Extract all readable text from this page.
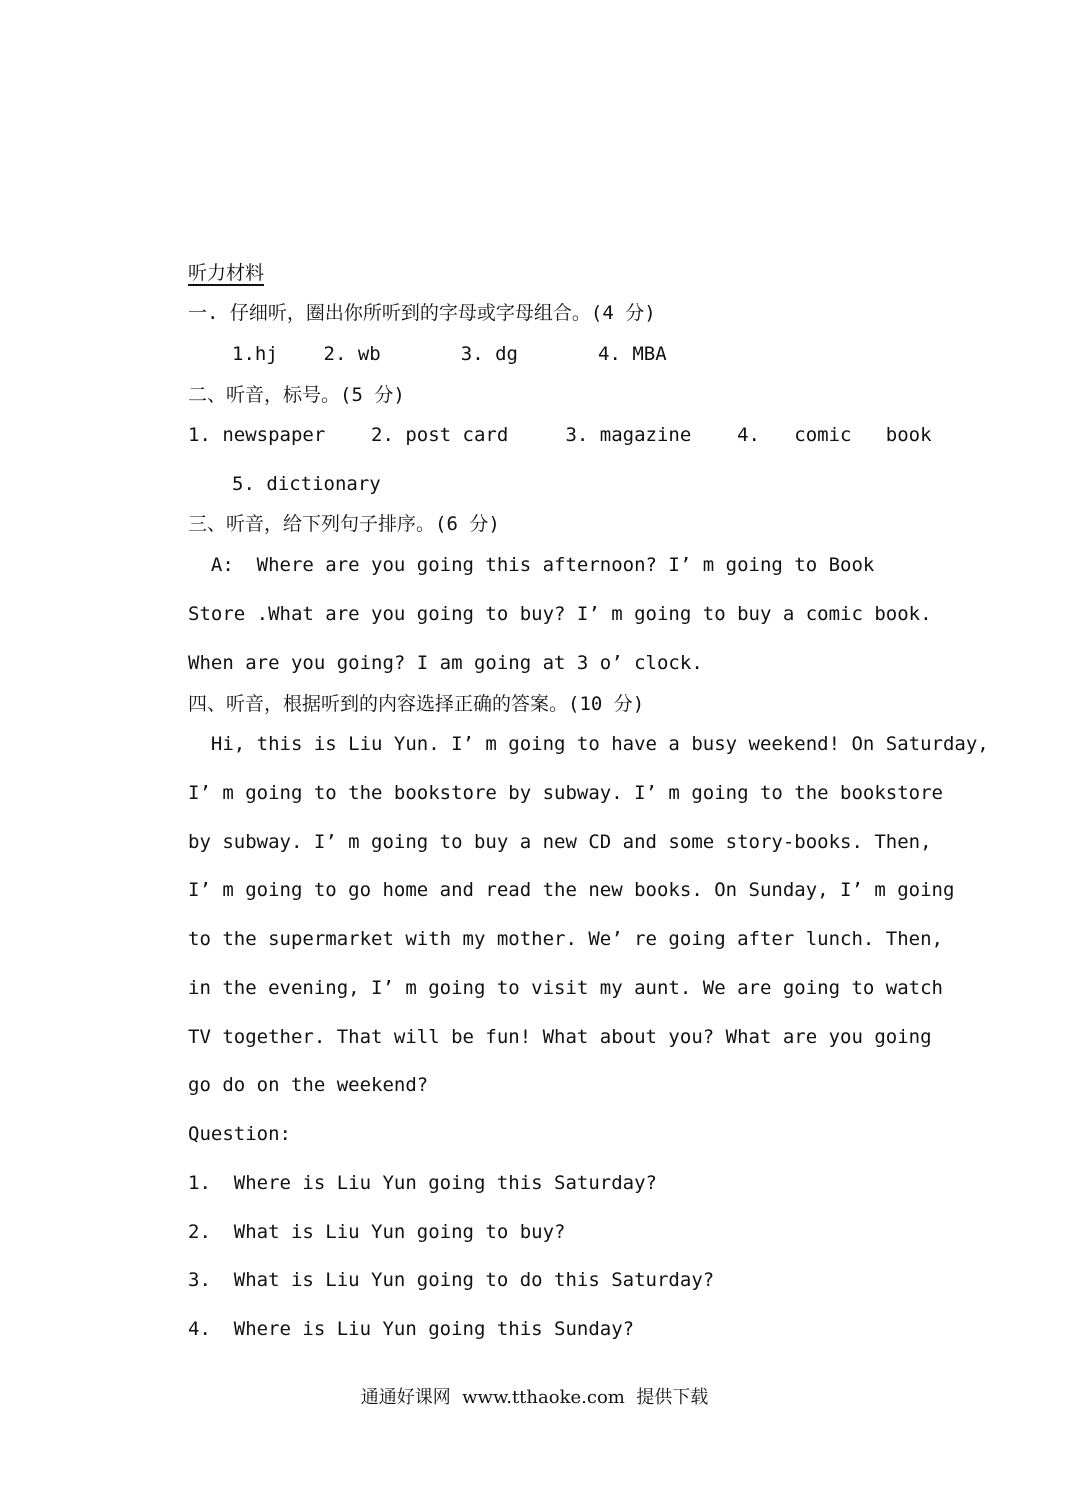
听力材料
一. 仔细听，圈出你所听到的字母或字母组合。(4 分)
1.hj    2. wb       3. dg       4. MBA
二、听音，标号。(5 分)
1. newspaper    2. post card     3. magazine    4.   comic   book
5. dictionary
三、听音，给下列句子排序。(6 分)
A:  Where are you going this afternoon? I’ m going to Book
Store .What are you going to buy? I’ m going to buy a comic book.
When are you going? I am going at 3 o’ clock.
四、听音，根据听到的内容选择正确的答案。(10 分)
Hi, this is Liu Yun. I’ m going to have a busy weekend! On Saturday,
I’ m going to the bookstore by subway. I’ m going to the bookstore
by subway. I’ m going to buy a new CD and some story-books. Then,
I’ m going to go home and read the new books. On Sunday, I’ m going
to the supermarket with my mother. We’ re going after lunch. Then,
in the evening, I’ m going to visit my aunt. We are going to watch
TV together. That will be fun! What about you? What are you going
go do on the weekend?
Question:
1.  Where is Liu Yun going this Saturday?
2.  What is Liu Yun going to buy?
3.  What is Liu Yun going to do this Saturday?
4.  Where is Liu Yun going this Sunday?
通通好课网  www.tthaoke.com  提供下载
